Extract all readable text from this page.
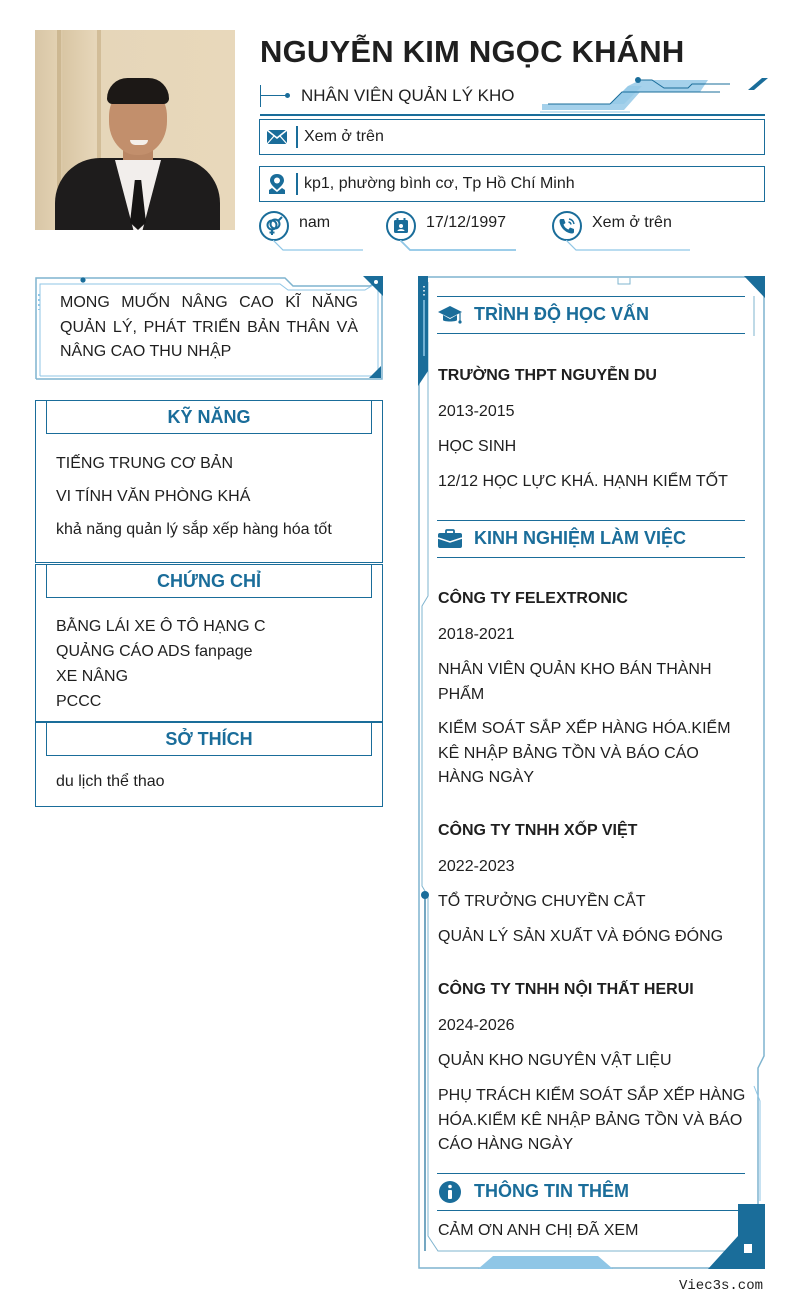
NGUYỄN KIM NGỌC KHÁNH
NHÂN VIÊN QUẢN LÝ KHO
Xem ở trên
kp1, phường bình cơ, Tp Hồ Chí Minh
nam	17/12/1997	Xem ở trên
MONG MUỐN NÂNG CAO KĨ NĂNG QUẢN LÝ, PHÁT TRIỂN BẢN THÂN VÀ NÂNG CAO THU NHẬP
KỸ NĂNG
TIẾNG TRUNG CƠ BẢN
VI TÍNH VĂN PHÒNG KHÁ
khả năng quản lý sắp xếp hàng hóa tốt
CHỨNG CHỈ
BẰNG LÁI XE Ô TÔ HẠNG C
QUẢNG CÁO ADS fanpage
XE NÂNG
PCCC
SỞ THÍCH
du lịch thể thao
TRÌNH ĐỘ HỌC VẤN
TRƯỜNG THPT NGUYỄN DU
2013-2015
HỌC SINH
12/12 HỌC LỰC KHÁ. HẠNH KIỂM TỐT
KINH NGHIỆM LÀM VIỆC
CÔNG TY FELEXTRONIC
2018-2021
NHÂN VIÊN QUẢN KHO BÁN THÀNH PHẨM
KIỂM SOÁT SẮP XẾP HÀNG HÓA.KIỂM KÊ NHẬP BẢNG TỒN VÀ BÁO CÁO HÀNG NGÀY
CÔNG TY TNHH XỐP VIỆT
2022-2023
TỔ TRƯỞNG CHUYỀN CẮT
QUẢN LÝ SẢN XUẤT VÀ ĐÓNG ĐÓNG
CÔNG TY TNHH NỘI THẤT HERUI
2024-2026
QUẢN KHO NGUYÊN VẬT LIỆU
PHỤ TRÁCH KIỂM SOÁT SẮP XẾP HÀNG HÓA.KIỂM KÊ NHẬP BẢNG TỒN VÀ BÁO CÁO HÀNG NGÀY
THÔNG TIN THÊM
CẢM ƠN ANH CHỊ ĐÃ XEM
Viec3s.com
